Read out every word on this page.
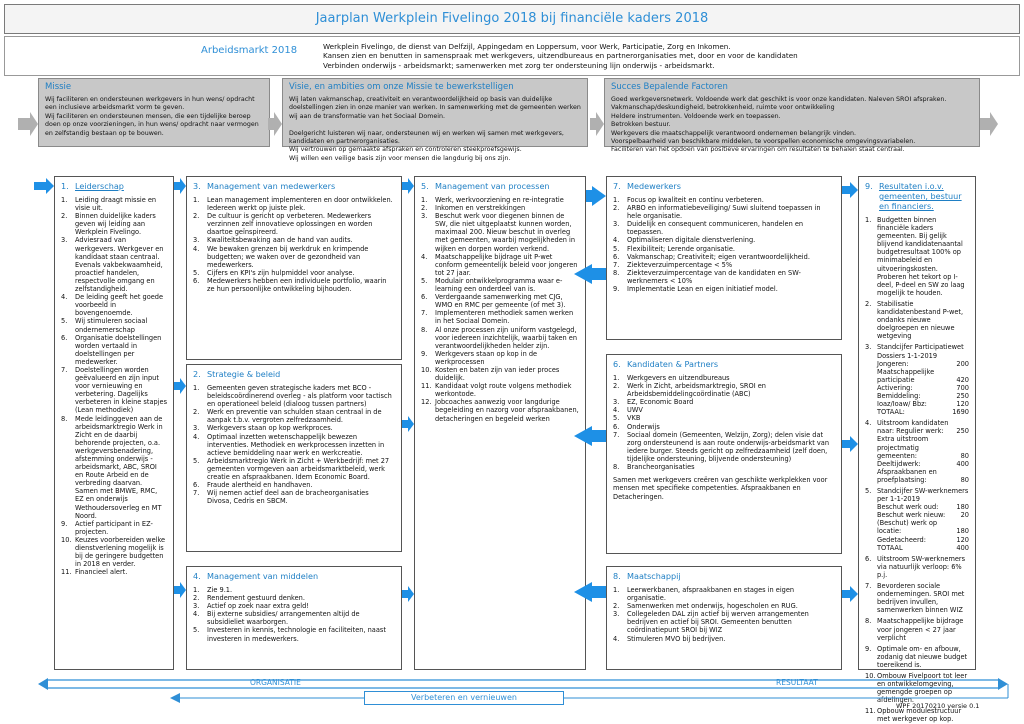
Jaarplan Werkplein Fivelingo 2018 bij financiële kaders 2018
Arbeidsmarkt 2018	Werkplein Fivelingo, de dienst van Delfzijl, Appingedam en Loppersum, voor Werk, Participatie, Zorg en Inkomen.
Kansen zien en benutten in samenspraak met werkgevers, uitzendbureaus en partnerorganisaties met, door en voor de kandidaten
Verbinden onderwijs - arbeidsmarkt; samenwerken met zorg ter ondersteuning lijn onderwijs - arbeidsmarkt.
Missie
Wij faciliteren en ondersteunen werkgevers in hun wens/ opdracht een inclusieve arbeidsmarkt vorm te geven.
Wij faciliteren en ondersteunen mensen, die een tijdelijke beroep doen op onze voorzieningen, in hun wens/ opdracht naar vermogen en zelfstandig bestaan op te bouwen.
Visie, en ambities om onze Missie te bewerkstelligen
Wij laten vakmanschap, creativiteit en verantwoordelijkheid op basis van duidelijke doelstellingen zien in onze manier van werken. In samenwerking met de gemeenten werken wij aan de transformatie van het Sociaal Domein.

Doelgericht luisteren wij naar, ondersteunen wij en werken wij samen met werkgevers, kandidaten en partnerorganisaties.
Wij vertrouwen op gemaakte afspraken en controleren steekproefsgewijs.
Wij willen een veilige basis zijn voor mensen die langdurig bij ons zijn.
Succes Bepalende Factoren
Goed werkgeversnetwerk. Voldoende werk dat geschikt is voor onze kandidaten. Naleven SROI afspraken.
Vakmanschap/deskundigheid, betrokkenheid, ruimte voor ontwikkeling
Heldere instrumenten. Voldoende werk en toepassen.
Betrokken bestuur.
Werkgevers die maatschappelijk verantwoord ondernemen belangrijk vinden.
Voorspelbaarheid van beschikbare middelen, te voorspellen economische omgevingsvariabelen.
Faciliteren van het opdoen van positieve ervaringen om resultaten te behalen staat centraal.
1. Leiderschap
1.	Leiding draagt missie en visie uit.
2.	Binnen duidelijke kaders geven wij leiding aan Werkplein Fivelingo.
3.	Adviesraad van werkgevers. Werkgever en kandidaat staan centraal. Evenals vakbekwaamheid, proactief handelen, respectvolle omgang en zelfstandigheid.
4.	De leiding geeft het goede voorbeeld in bovengenoemde.
5.	Wij stimuleren sociaal ondernemerschap
6.	Organisatie doelstellingen worden vertaald in doelstellingen per medewerker.
7.	Doelstellingen worden geëvalueerd en zijn input voor vernieuwing en verbetering. Dagelijks verbeteren in kleine stapjes (Lean methodiek)
8.	Mede leidinggeven aan de arbeidsmarktregio Werk in Zicht en de daarbij behorende projecten, o.a. werkgeversbenadering, afstemming onderwijs - arbeidsmarkt, ABC, SROI en Route Arbeid en de verbreding daarvan. Samen met BMWE, RMC, EZ en onderwijs Wethoudersoverleg en MT Noord.
9.	Actief participant in EZ-projecten.
10. Keuzes voorbereiden welke dienstverlening mogelijk is bij de geringere budgetten in 2018 en verder.
11. Financieel alert.
3. Management van medewerkers
1.	Lean management implementeren en door ontwikkelen. Iedereen werkt op juiste plek.
2.	De cultuur is gericht op verbeteren. Medewerkers verzinnen zelf innovatieve oplossingen en worden daartoe geïnspireerd.
3.	Kwaliteitsbewaking aan de hand van audits.
4.	We bewaken grenzen bij werkdruk en krimpende budgetten; we waken over de gezondheid van medewerkers.
5.	Cijfers en KPI's zijn hulpmiddel voor analyse.
6.	Medewerkers hebben een individuele portfolio, waarin ze hun persoonlijke ontwikkeling bijhouden.
2. Strategie & beleid
1.	Gemeenten geven strategische kaders met BCO - beleidscoördinerend overleg - als platform voor tactisch en operationeel beleid (dialoog tussen partners)
2.	Werk en preventie van schulden staan centraal in de aanpak t.b.v. vergroten zelfredzaamheid.
3.	Werkgevers staan op kop werkproces.
4.	Optimaal inzetten wetenschappelijk bewezen interventies. Methodiek en werkprocessen inzetten in actieve bemiddeling naar werk en werkcreatie.
5.	Arbeidsmarktregio Werk in Zicht + Werkbedrijf: met 27 gemeenten vormgeven aan arbeidsmarktbeleid, werk creatie en afspraakbanen. Idem Economic Board.
6.	Fraude alertheid en handhaven.
7.	Wij nemen actief deel aan de bracheorganisaties Divosa, Cedris en SBCM.
4. Management van middelen
1.	Zie 9.1.
2.	Rendement gestuurd denken.
3.	Actief op zoek naar extra geld!
4.	Bij externe subsidies/ arrangementen altijd de subsidieliet waarborgen.
5.	Investeren in kennis, technologie en faciliteiten, naast investeren in medewerkers.
5. Management van processen
1.	Werk, werkvoorziening en re-integratie
2.	Inkomen en verstrekkingen
3.	Beschut werk voor diegenen binnen de SW, die niet uitgeplaatst kunnen worden, maximaal 200. Nieuw beschut in overleg met gemeenten, waarbij mogelijkheden in wijken en dorpen worden verkend.
4.	Maatschappelijke bijdrage uit P-wet conform gemeentelijk beleid voor jongeren tot 27 jaar.
5.	Modulair ontwikkelprogramma waar e-learning een onderdeel van is.
6.	Verdergaande samenwerking met CJG, WMO en RMC per gemeente (of met 3).
7.	Implementeren methodiek samen werken in het Sociaal Domein.
8.	Al onze processen zijn uniform vastgelegd, voor iedereen inzichtelijk, waarbij taken en verantwoordelijkheden helder zijn.
9.	Werkgevers staan op kop in de werkprocessen
10. Kosten en baten zijn van ieder proces duidelijk.
11. Kandidaat volgt route volgens methodiek werkontode.
12. Jobcoaches aanwezig voor langdurige begeleiding en nazorg voor afspraakbanen, detacheringen en begeleid werken
7. Medewerkers
1.	Focus op kwaliteit en continu verbeteren.
2.	ARBO en informatiebeveiliging/ Suwi sluitend toepassen in hele organisatie.
3.	Duidelijk en consequent communiceren, handelen en toepassen.
4.	Optimaliseren digitale dienstverlening.
5.	Flexibiliteit; Lerende organisatie.
6.	Vakmanschap; Creativiteit; eigen verantwoordelijkheid.
7.	Ziekteverzuimpercentage < 5%
8.	Ziekteverzuimpercentage van de kandidaten en SW-werknemers < 10%
9.	Implementatie Lean en eigen initiatief model.
6. Kandidaten & Partners
1.	Werkgevers en uitzendbureaus
2.	Werk in Zicht, arbeidsmarktregio, SROI en Arbeidsbemiddelingcoördinatie (ABC)
3.	EZ, Economic Board
4.	UWV
5.	VKB
6.	Onderwijs
7.	Sociaal domein (Gemeenten, Welzijn, Zorg); delen visie dat zorg ondersteunend is aan route onderwijs-arbeidsmarkt van iedere burger. Steeds gericht op zelfredzaamheid (zelf doen, tijdelijke ondersteuning, blijvende ondersteuning)
8.	Brancheorganisaties
Samen met werkgevers creëren van geschikte werkplekken voor mensen met specifieke competenties. Afspraakbanen en Detacheringen.
8. Maatschappij
1.	Leerwerkbanen, afspraakbanen en stages in eigen organisatie.
2.	Samenwerken met onderwijs, hogescholen en RUG.
3.	Collegeleden DAL zijn actief bij werven arrangementen bedrijven en actief bij SROI. Gemeenten benutten coördinatiepunt SROI bij WIZ
4.	Stimuleren MVO bij bedrijven.
9. Resultaten i.o.v. gemeenten, bestuur en financiers.
1. Budgetten binnen financiële kaders gemeenten. Bij gelijk blijvend kandidatenaantal budgetresultaat 100% op minimabeleid en uitvoeringskosten. Proberen het tekort op I-deel, P-deel en SW zo laag mogelijk te houden.
2. Stabilisatie kandidatenbestand P-wet, ondanks nieuwe doelgroepen en nieuwe wetgeving
3. Standcijfer Participatiewet Dossiers 1-1-2019
Jongeren:	200
Maatschappelijke participatie	420
Activering:	700
Bemiddeling:	250
Ioaz/Ioaw/ Bbz:	120
TOTAAL:	1690
4. Uitstroom kandidaten naar: Regulier werk:	250
Extra uitstroom projectmatig gemeenten:	80
Deeltijdwerk:	400
Afspraakbanen en proefplaatsing:	80
5. Standcijfer SW-werknemers per 1-1-2019
Beschut werk oud:	180
Beschut werk nieuw:	20
(Beschut) werk op locatie:	180
Gedetacheerd:	120
TOTAAL	400
6. Uitstroom SW-werknemers via natuurlijk verloop: 6% p.j.
7. Bevorderen sociale ondernemingen. SROI met bedrijven invullen, samenwerken binnen WIZ
8. Maatschappelijke bijdrage voor jongeren < 27 jaar verplicht
9. Optimale om- en afbouw, zodanig dat nieuwe budget toereikend is.
10. Ombouw Fivelpoort tot leer en ontwikkelomgeving, gemengde groepen op afdelingen.
11. Opbouw modulestructuur met werkgever op kop.
ORGANISATIE	RESULTAAT
Verbeteren en vernieuwen
WPF 20170210 versie 0.1
